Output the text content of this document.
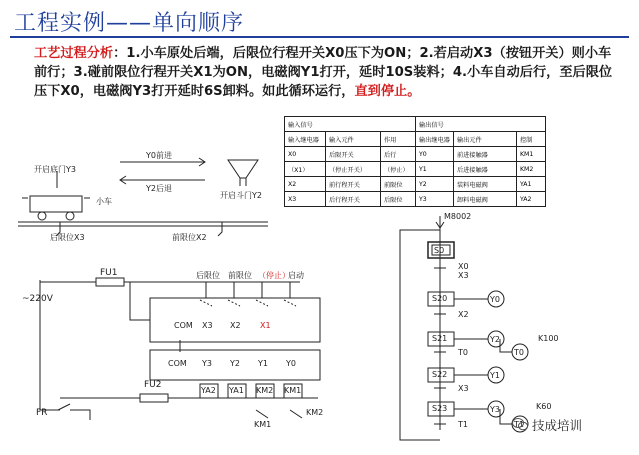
工程实例——单向顺序
工艺过程分析：1.小车原处后端，后限位行程开关X0压下为ON；2.若启动X3（按钮开关）则小车前行；3.碰前限位行程开关X1为ON，电磁阀Y1打开，延时10S装料；4.小车自动后行，至后限位压下X0，电磁阀Y3打开延时6S卸料。如此循环运行，直到停止。
输入信号			输出信号		
输入继电器	输入元件	作用	输出继电器	输出元件	控制
X0	后限开关	后行	Y0	前进接触器	KM1
（X1）	（停止开关）	（停止）	Y1	后进接触器	KM2
X2	前行程开关	前限位	Y2	装料电磁阀	YA1
X3	后行程开关	后限位	Y3	卸料电磁阀	YA2
Y0前进
Y2后退
开启底门Y3
小车
开启斗门Y2
后限位X3	前限位X2
FU1
~220V
FU2
FR
后限位 前限位 （停止）
启动
COM X3 X2 X1
COM Y3 Y2 Y1 Y0
YA2 YA1 KM2 KM1
KM1
KM2
M8002
S0
S20
S21
S22
S23
X0
X3
X2
T0
X3
T1
Y0
Y2
T0
Y1
Y3
T1
K100
K60
技成培训
